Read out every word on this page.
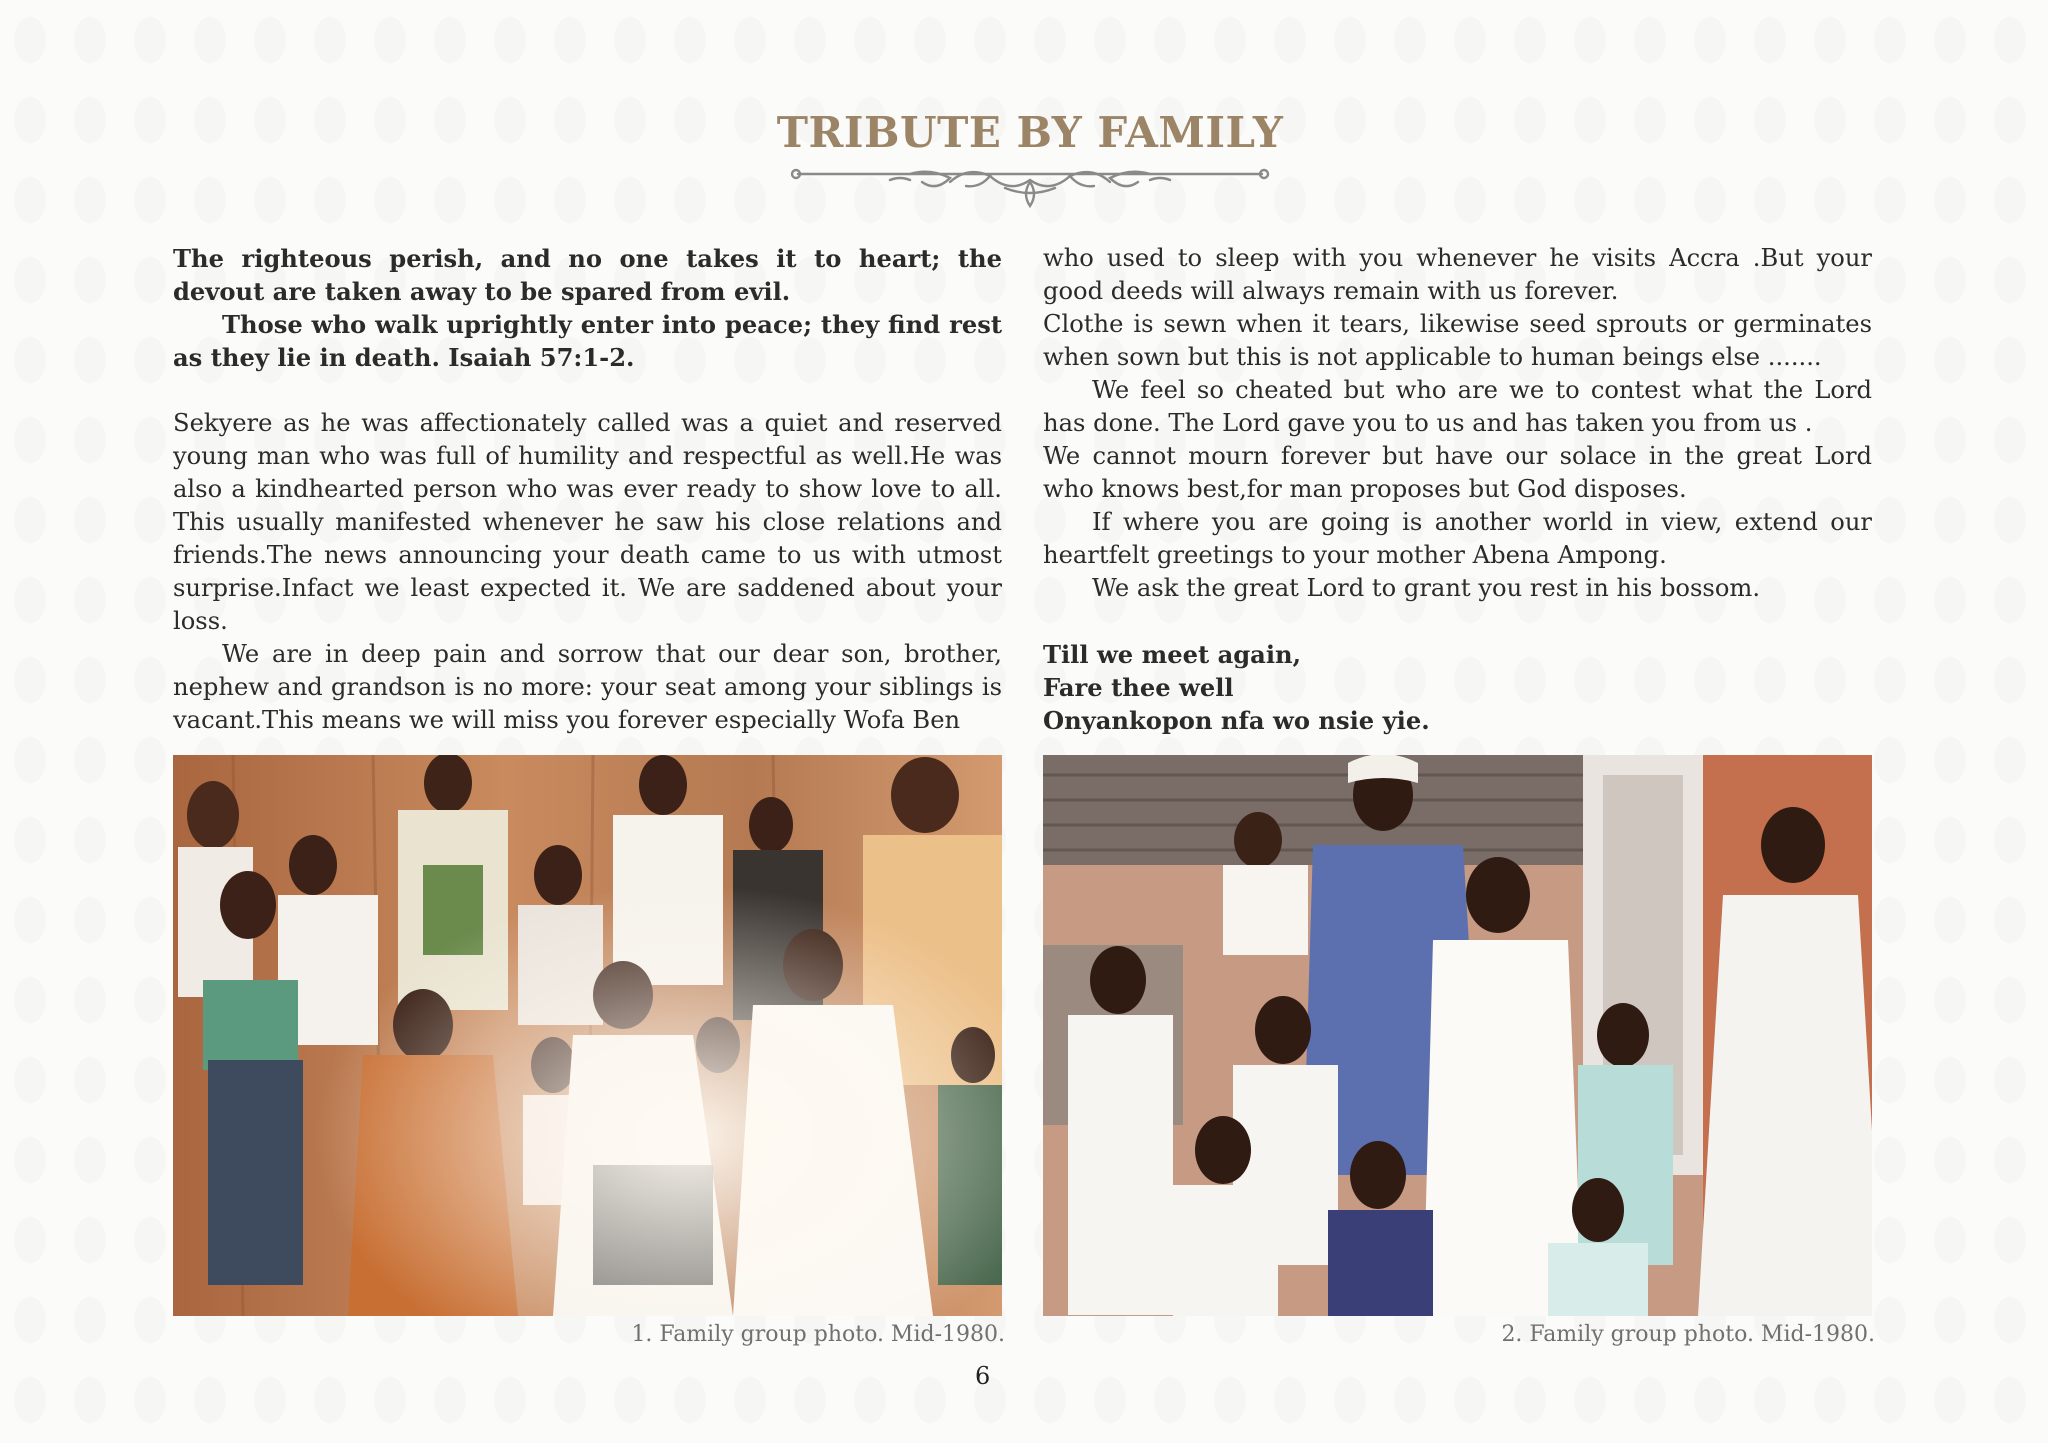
TRIBUTE BY FAMILY

The righteous perish, and no one takes it to heart; the devout are taken away to be spared from evil.

Those who walk uprightly enter into peace; they find rest as they lie in death. Isaiah 57:1-2.

Sekyere as he was affectionately called was a quiet and reserved young man who was full of humility and respectful as well.He was also a kindhearted person who was ever ready to show love to all. This usually manifested whenever he saw his close relations and friends.The news announcing your death came to us with utmost surprise.Infact we least expected it. We are saddened about your loss.

We are in deep pain and sorrow that our dear son, brother, nephew and grandson is no more: your seat among your siblings is vacant.This means we will miss you forever especially Wofa Ben

who used to sleep with you whenever he visits Accra .But your good deeds will always remain with us forever.

Clothe is sewn when it tears, likewise seed sprouts or germinates when sown but this is not applicable to human beings else .......

We feel so cheated but who are we to contest what the Lord has done. The Lord gave you to us and has taken you from us .

We cannot mourn forever but have our solace in the great Lord who knows best,for man proposes but God disposes.

If where you are going is another world in view, extend our heartfelt greetings to your mother Abena Ampong.

We ask the great Lord to grant you rest in his bossom.

Till we meet again,

Fare thee well

Onyankopon nfa wo nsie yie.

1. Family group photo. Mid-1980.	2. Family group photo. Mid-1980.
6
